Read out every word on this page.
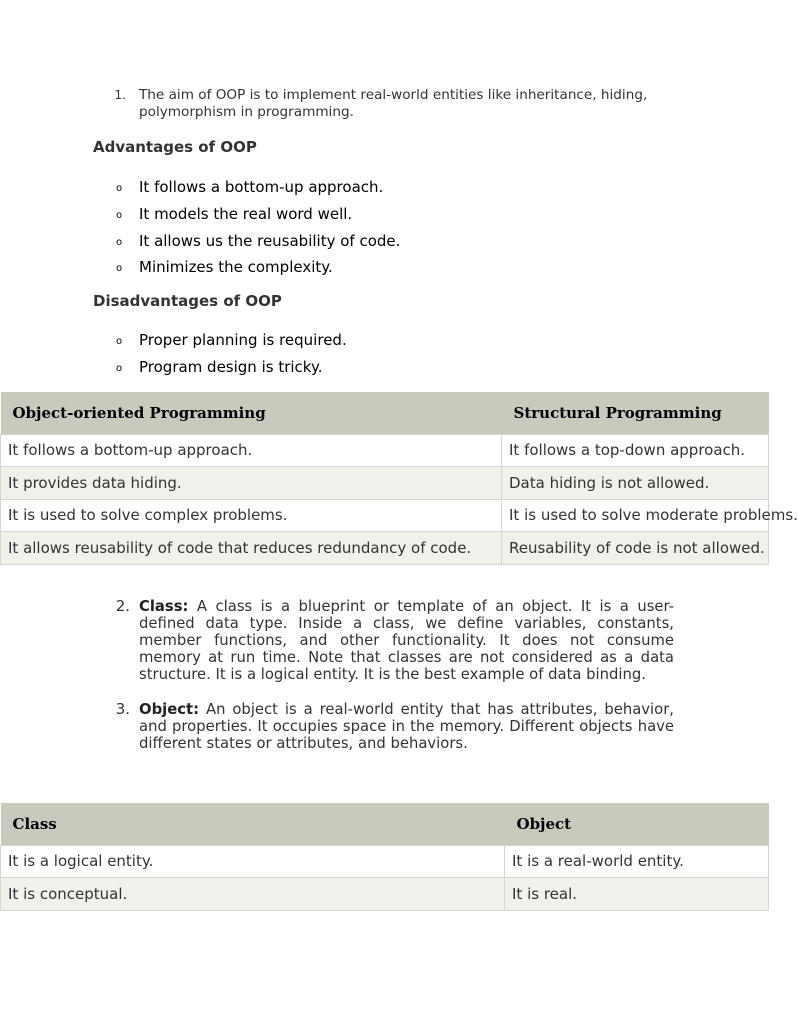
1. The aim of OOP is to implement real-world entities like inheritance, hiding, polymorphism in programming.
Advantages of OOP
o It follows a bottom-up approach.
o It models the real word well.
o It allows us the reusability of code.
o Minimizes the complexity.
Disadvantages of OOP
o Proper planning is required.
o Program design is tricky.
Object-oriented Programming	Structural Programming
It follows a bottom-up approach.	It follows a top-down approach.
It provides data hiding.	Data hiding is not allowed.
It is used to solve complex problems.	It is used to solve moderate problems.
It allows reusability of code that reduces redundancy of code.	Reusability of code is not allowed.
2. Class: A class is a blueprint or template of an object. It is a user-defined data type. Inside a class, we define variables, constants, member functions, and other functionality. It does not consume memory at run time. Note that classes are not considered as a data structure. It is a logical entity. It is the best example of data binding.
3. Object: An object is a real-world entity that has attributes, behavior, and properties. It occupies space in the memory. Different objects have different states or attributes, and behaviors.
Class	Object
It is a logical entity.	It is a real-world entity.
It is conceptual.	It is real.
